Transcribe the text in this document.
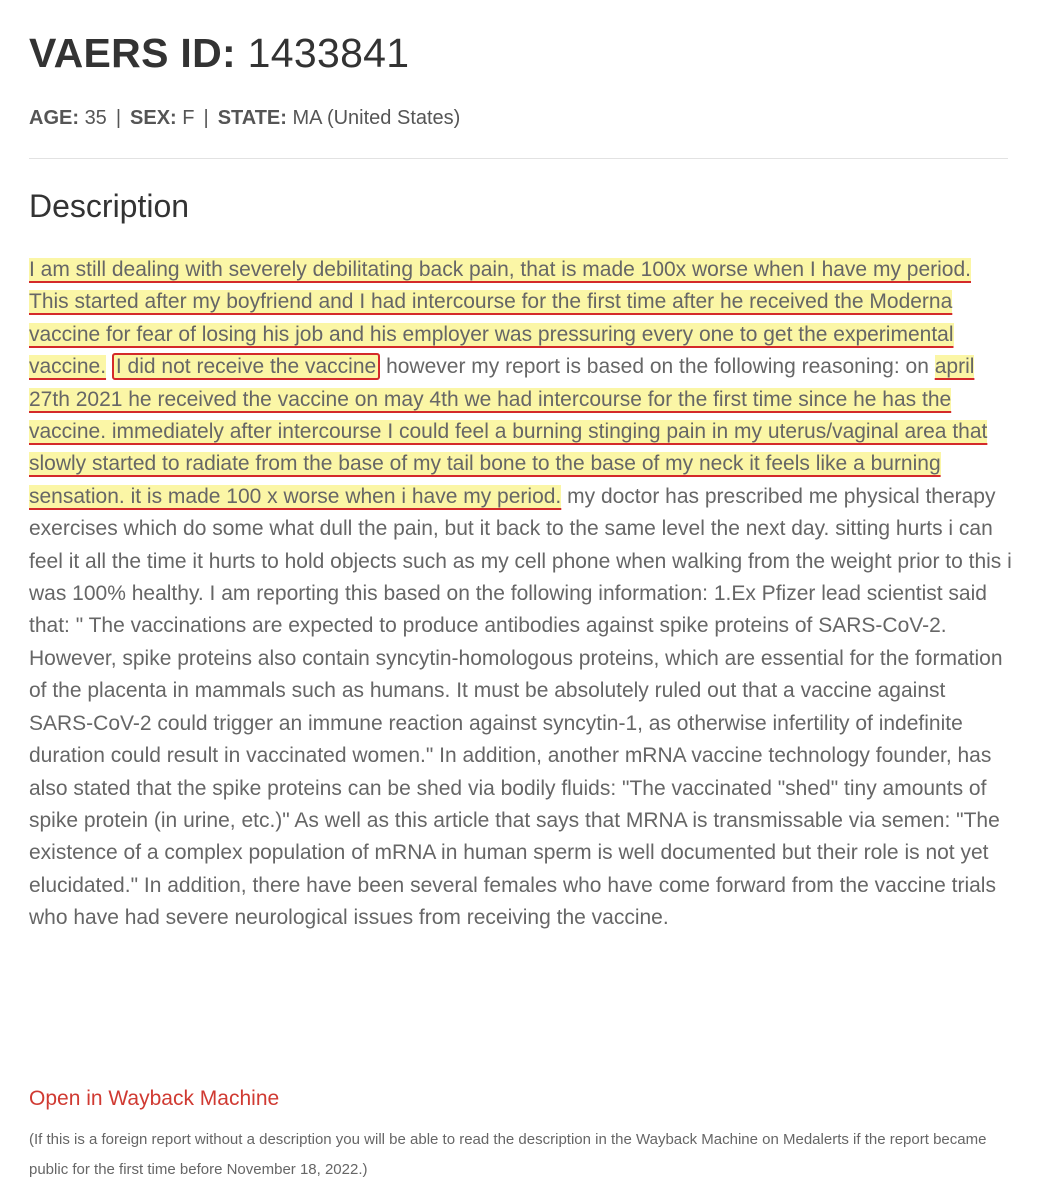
VAERS ID: 1433841
AGE: 35 | SEX: F | STATE: MA (United States)
Description

I am still dealing with severely debilitating back pain, that is made 100x worse when I have my period. This started after my boyfriend and I had intercourse for the first time after he received the Moderna vaccine for fear of losing his job and his employer was pressuring every one to get the experimental vaccine. I did not receive the vaccine however my report is based on the following reasoning: on april 27th 2021 he received the vaccine on may 4th we had intercourse for the first time since he has the vaccine. immediately after intercourse I could feel a burning stinging pain in my uterus/vaginal area that slowly started to radiate from the base of my tail bone to the base of my neck it feels like a burning sensation. it is made 100 x worse when i have my period. my doctor has prescribed me physical therapy exercises which do some what dull the pain, but it back to the same level the next day. sitting hurts i can feel it all the time it hurts to hold objects such as my cell phone when walking from the weight prior to this i was 100% healthy. I am reporting this based on the following information: 1.Ex Pfizer lead scientist said that: " The vaccinations are expected to produce antibodies against spike proteins of SARS-CoV-2. However, spike proteins also contain syncytin-homologous proteins, which are essential for the formation of the placenta in mammals such as humans. It must be absolutely ruled out that a vaccine against SARS-CoV-2 could trigger an immune reaction against syncytin-1, as otherwise infertility of indefinite duration could result in vaccinated women." In addition, another mRNA vaccine technology founder, has also stated that the spike proteins can be shed via bodily fluids: "The vaccinated "shed" tiny amounts of spike protein (in urine, etc.)" As well as this article that says that MRNA is transmissable via semen: "The existence of a complex population of mRNA in human sperm is well documented but their role is not yet elucidated." In addition, there have been several females who have come forward from the vaccine trials who have had severe neurological issues from receiving the vaccine.

Open in Wayback Machine

(If this is a foreign report without a description you will be able to read the description in the Wayback Machine on Medalerts if the report became public for the first time before November 18, 2022.)
